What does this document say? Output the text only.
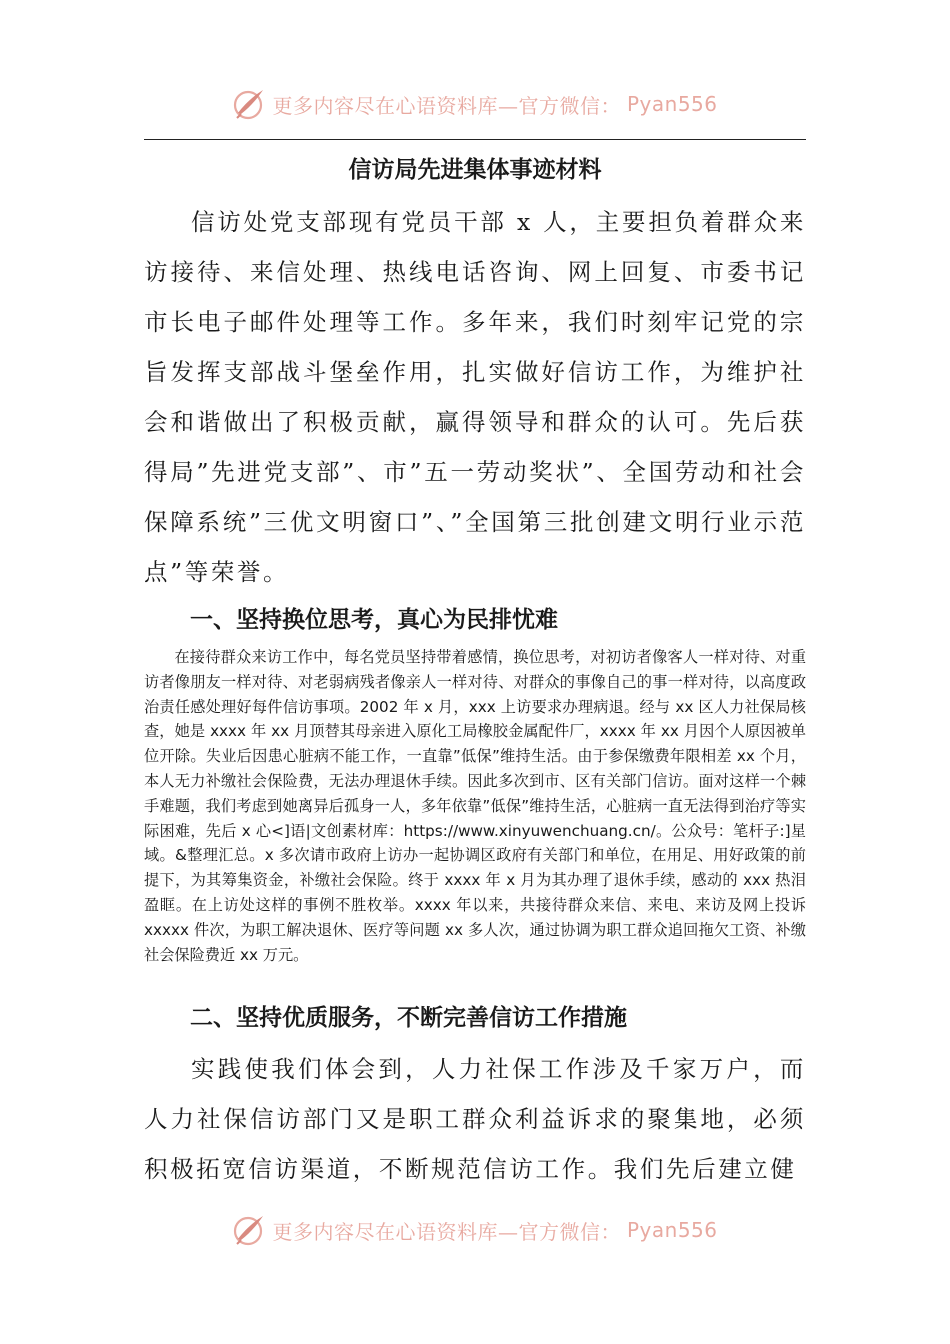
更多内容尽在心语资料库—官方微信： Pyan556
信访局先进集体事迹材料
信访处党支部现有党员干部 x 人，主要担负着群众来访接待、来信处理、热线电话咨询、网上回复、市委书记市长电子邮件处理等工作。多年来，我们时刻牢记党的宗旨发挥支部战斗堡垒作用，扎实做好信访工作，为维护社会和谐做出了积极贡献，赢得领导和群众的认可。先后获得局”先进党支部”、市”五一劳动奖状”、全国劳动和社会保障系统”三优文明窗口”、”全国第三批创建文明行业示范点”等荣誉。
一、坚持换位思考，真心为民排忧难
在接待群众来访工作中，每名党员坚持带着感情，换位思考，对初访者像客人一样对待、对重访者像朋友一样对待、对老弱病残者像亲人一样对待、对群众的事像自己的事一样对待，以高度政治责任感处理好每件信访事项。2002 年 x 月，xxx 上访要求办理病退。经与 xx 区人力社保局核查，她是 xxxx 年 xx 月顶替其母亲进入原化工局橡胶金属配件厂，xxxx 年 xx 月因个人原因被单位开除。失业后因患心脏病不能工作，一直靠”低保”维持生活。由于参保缴费年限相差 xx 个月，本人无力补缴社会保险费，无法办理退休手续。因此多次到市、区有关部门信访。面对这样一个棘手难题，我们考虑到她离异后孤身一人，多年依靠”低保”维持生活，心脏病一直无法得到治疗等实际困难，先后 x 心<]语|文创素材库：https://www.xinyuwenchuang.cn/。公众号：笔杆子:]星域。&整理汇总。x 多次请市政府上访办一起协调区政府有关部门和单位，在用足、用好政策的前提下，为其筹集资金，补缴社会保险。终于 xxxx 年 x 月为其办理了退休手续，感动的 xxx 热泪盈眶。在上访处这样的事例不胜枚举。xxxx 年以来，共接待群众来信、来电、来访及网上投诉 xxxxx 件次，为职工解决退休、医疗等问题 xx 多人次，通过协调为职工群众追回拖欠工资、补缴社会保险费近 xx 万元。
二、坚持优质服务，不断完善信访工作措施
实践使我们体会到，人力社保工作涉及千家万户，而人力社保信访部门又是职工群众利益诉求的聚集地，必须积极拓宽信访渠道，不断规范信访工作。我们先后建立健
更多内容尽在心语资料库—官方微信： Pyan556
